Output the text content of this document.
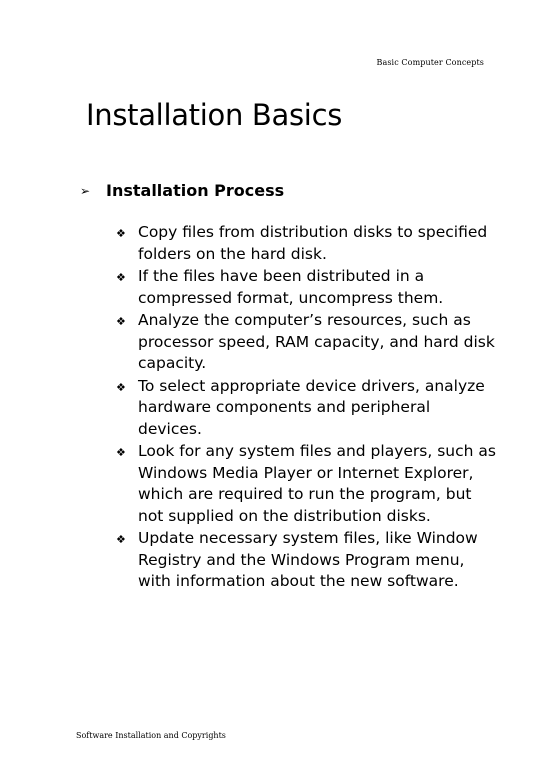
Basic Computer Concepts
Installation Basics
➢ Installation Process
❖ Copy files from distribution disks to specified folders on the hard disk.
❖ If the files have been distributed in a compressed format, uncompress them.
❖ Analyze the computer’s resources, such as processor speed, RAM capacity, and hard disk capacity.
❖ To select appropriate device drivers, analyze hardware components and peripheral devices.
❖ Look for any system files and players, such as Windows Media Player or Internet Explorer, which are required to run the program, but not supplied on the distribution disks.
❖ Update necessary system files, like Window Registry and the Windows Program menu, with information about the new software.
Software Installation and Copyrights
